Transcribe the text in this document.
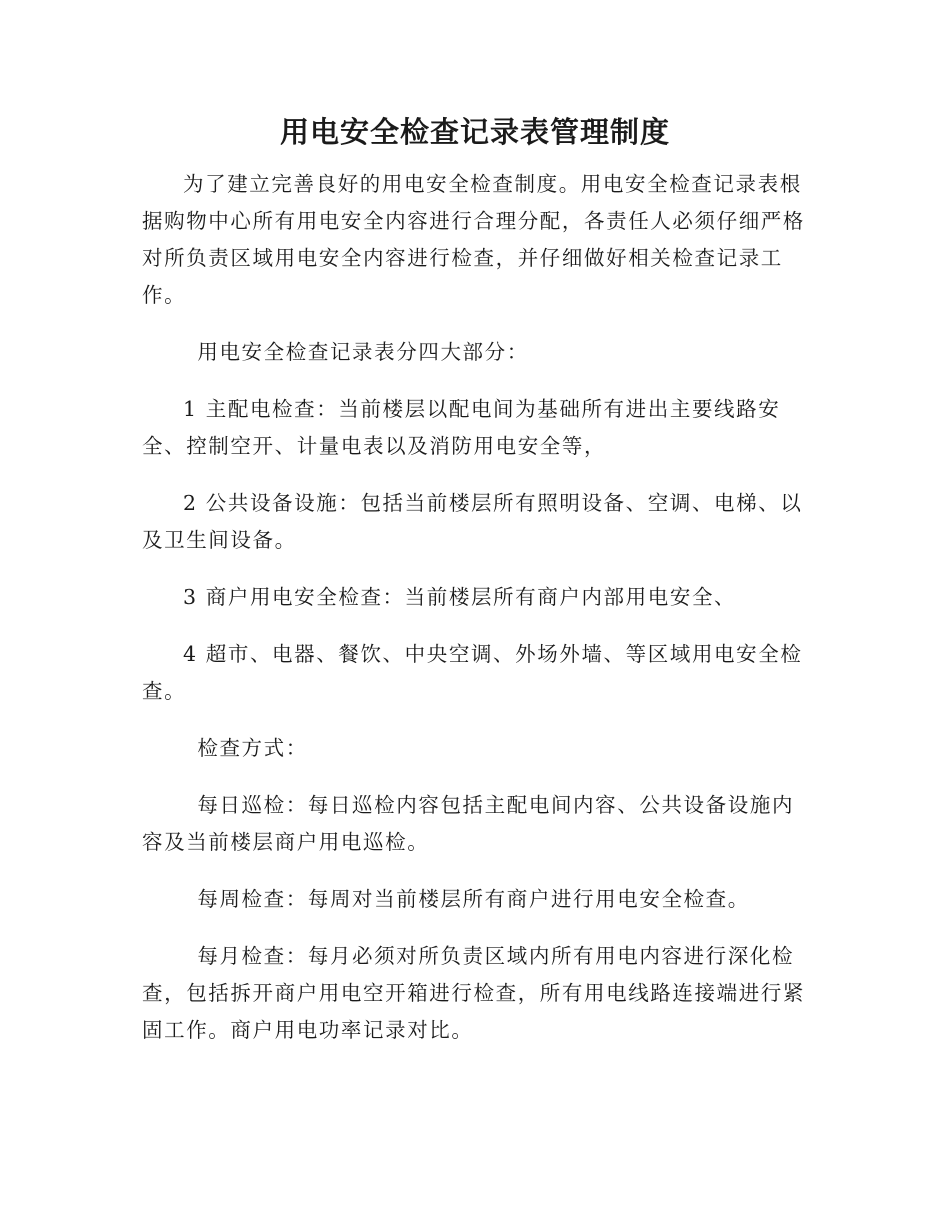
用电安全检查记录表管理制度

为了建立完善良好的用电安全检查制度。用电安全检查记录表根据购物中心所有用电安全内容进行合理分配，各责任人必须仔细严格对所负责区域用电安全内容进行检查，并仔细做好相关检查记录工作。

用电安全检查记录表分四大部分：

1 主配电检查：当前楼层以配电间为基础所有进出主要线路安全、控制空开、计量电表以及消防用电安全等，

2 公共设备设施：包括当前楼层所有照明设备、空调、电梯、以及卫生间设备。

3 商户用电安全检查：当前楼层所有商户内部用电安全、

4 超市、电器、餐饮、中央空调、外场外墙、等区域用电安全检查。

检查方式：

每日巡检：每日巡检内容包括主配电间内容、公共设备设施内容及当前楼层商户用电巡检。

每周检查：每周对当前楼层所有商户进行用电安全检查。

每月检查：每月必须对所负责区域内所有用电内容进行深化检查，包括拆开商户用电空开箱进行检查，所有用电线路连接端进行紧固工作。商户用电功率记录对比。
